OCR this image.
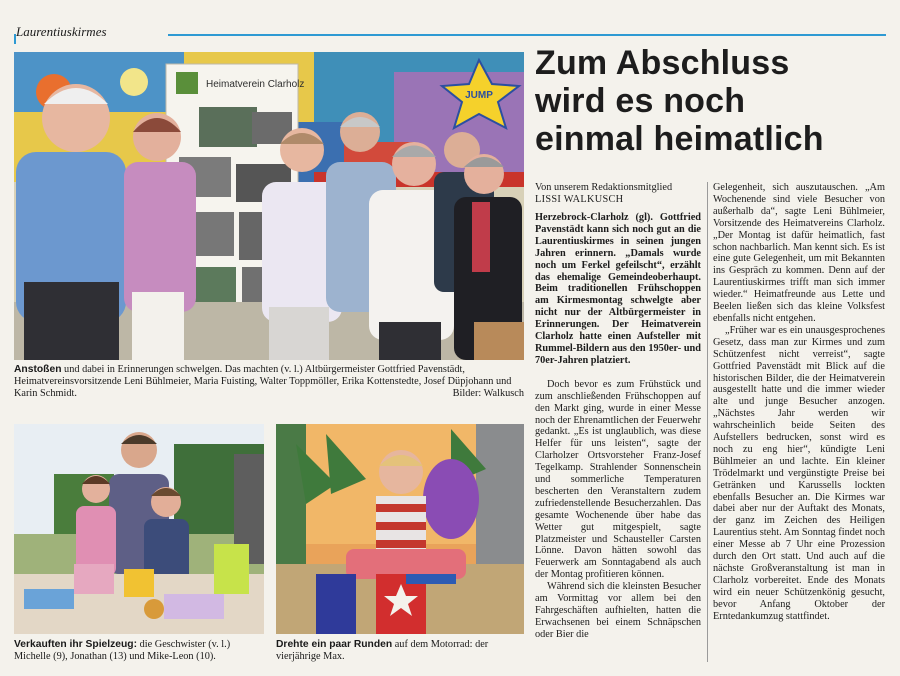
Laurentiuskirmes
JUMP
Heimatverein Clarholz
Anstoßen und dabei in Erinnerungen schwelgen. Das machten (v. l.) Altbürgermeister Gottfried Pavenstädt, Heimatvereinsvorsitzende Leni Bühlmeier, Maria Fuisting, Walter Toppmöller, Erika Kottenstedte, Josef Düpjohann und Karin Schmidt.	Bilder: Walkusch
Verkauften ihr Spielzeug: die Geschwister (v. l.) Michelle (9), Jonathan (13) und Mike-Leon (10).
Drehte ein paar Runden auf dem Motorrad: der vierjährige Max.
Zum Abschluss
wird es noch
einmal heimatlich
Von unserem Redaktionsmitglied
LISSI WALKUSCH

Herzebrock-Clarholz (gl). Gottfried Pavenstädt kann sich noch gut an die Laurentiuskirmes in seinen jungen Jahren erinnern. „Damals wurde noch um Ferkel gefeilscht“, erzählt das ehemalige Gemeindeoberhaupt. Beim traditionellen Frühschoppen am Kirmesmontag schwelgte aber nicht nur der Altbürgermeister in Erinnerungen. Der Heimatverein Clarholz hatte einen Aufsteller mit Rummel-Bildern aus den 1950er- und 70er-Jahren platziert.

Doch bevor es zum Frühstück und zum anschließenden Frühschoppen auf den Markt ging, wurde in einer Messe noch der Ehrenamtlichen der Feuerwehr gedankt. „Es ist unglaublich, was diese Helfer für uns leisten“, sagte der Clarholzer Ortsvorsteher Franz-Josef Tegelkamp. Strahlender Sonnenschein und sommerliche Temperaturen bescherten den Veranstaltern zudem zufriedenstellende Besucherzahlen. Das gesamte Wochenende über habe das Wetter gut mitgespielt, sagte Platzmeister und Schausteller Carsten Lönne. Davon hätten sowohl das Feuerwerk am Sonntagabend als auch der Montag profitieren können.

Während sich die kleinsten Besucher am Vormittag vor allem bei den Fahrgeschäften aufhielten, hatten die Erwachsenen bei einem Schnäpschen oder Bier die

Gelegenheit, sich auszutauschen. „Am Wochenende sind viele Besucher von außerhalb da“, sagte Leni Bühlmeier, Vorsitzende des Heimatvereins Clarholz. „Der Montag ist dafür heimatlich, fast schon nachbarlich. Man kennt sich. Es ist eine gute Gelegenheit, um mit Bekannten ins Gespräch zu kommen. Denn auf der Laurentiuskirmes trifft man sich immer wieder.“ Heimatfreunde aus Lette und Beelen ließen sich das kleine Volksfest ebenfalls nicht entgehen.

„Früher war es ein unausgesprochenes Gesetz, dass man zur Kirmes und zum Schützenfest nicht verreist“, sagte Gottfried Pavenstädt mit Blick auf die historischen Bilder, die der Heimatverein ausgestellt hatte und die immer wieder alte und junge Besucher anzogen. „Nächstes Jahr werden wir wahrscheinlich beide Seiten des Aufstellers bedrucken, sonst wird es noch zu eng hier“, kündigte Leni Bühlmeier an und lachte. Ein kleiner Trödelmarkt und vergünstigte Preise bei Getränken und Karussells lockten ebenfalls Besucher an. Die Kirmes war dabei aber nur der Auftakt des Monats, der ganz im Zeichen des Heiligen Laurentius steht. Am Sonntag findet noch einer Messe ab 7 Uhr eine Prozession durch den Ort statt. Und auch auf die nächste Großveranstaltung ist man in Clarholz vorbereitet. Ende des Monats wird ein neuer Schützenkönig gesucht, bevor Anfang Oktober der Erntedankumzug stattfindet.
